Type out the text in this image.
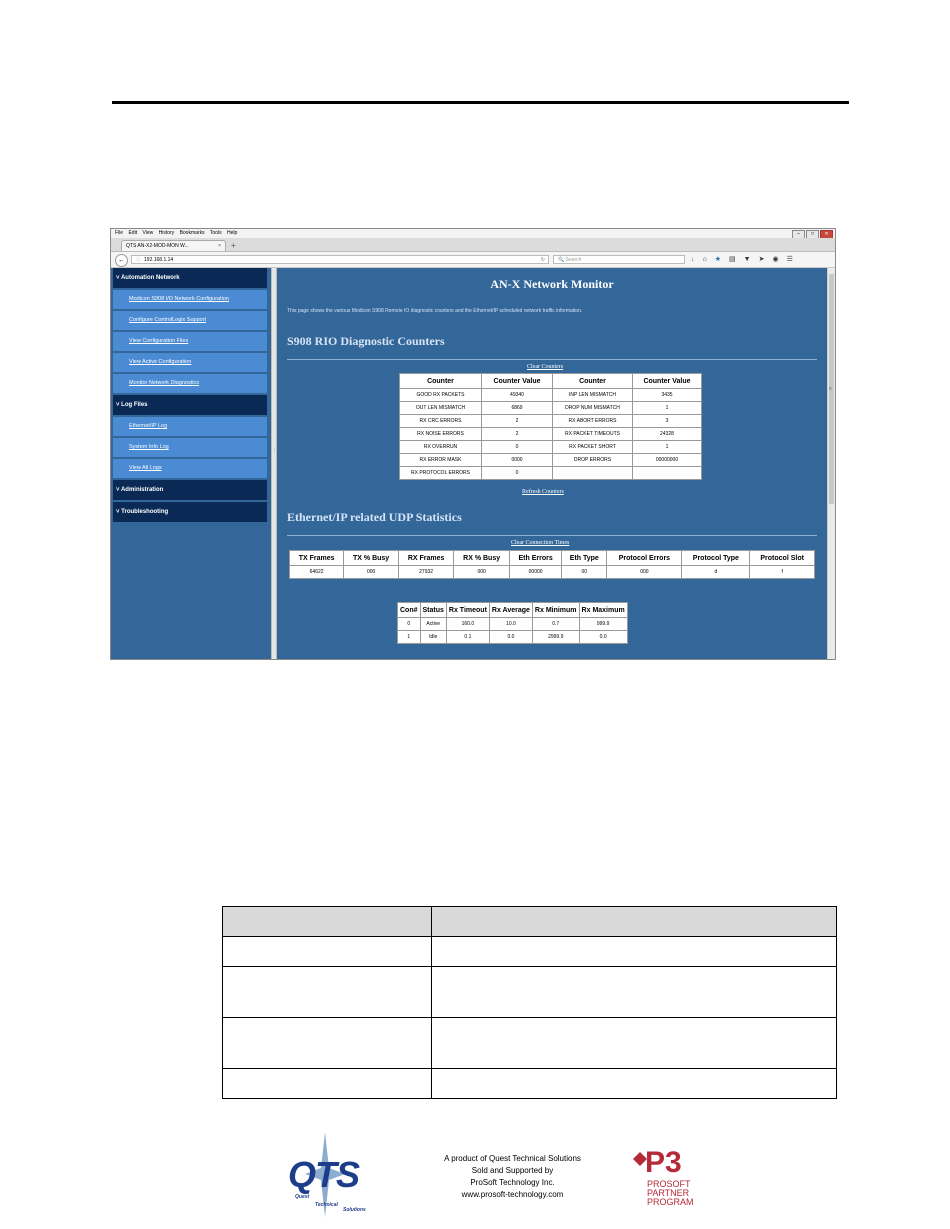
File Edit View History Bookmarks Tools Help	–	□	✕
QTS AN-X2-MOD-MON W...	× +
←	ⓘ 192.168.1.14	↻	🔍 Search	↓ ⌂ ★ ▤ ▼ ➤ ◉ ☰
˅ Automation Network
Modicon S908 I/O Network Configuration
Configure ControlLogix Support
View Configuration Files
View Active Configuration
Monitor Network Diagnostics
˅ Log Files
Ethernet/IP Log
System Info Log
View All Logs
˅ Administration
˅ Troubleshooting
⋮
AN-X Network Monitor
This page shows the various Modicon S908 Remote IO diagnostic counters and the Ethernet/IP scheduled network traffic information.
S908 RIO Diagnostic Counters
Clear Counters
Counter	Counter Value	Counter	Counter Value
GOOD RX PACKETS	49340	INP LEN MISMATCH	3435
OUT LEN MISMATCH	6869	DROP NUM MISMATCH	1
RX CRC ERRORS	2	RX ABORT ERRORS	3
RX NOISE ERRORS	2	RX PACKET TIMEOUTS	24328
RX OVERRUN	0	RX PACKET SHORT	1
RX ERROR MASK	0000	DROP ERRORS	00000000
RX PROTOCOL ERRORS	0		
Refresh Counters
Ethernet/IP related UDP Statistics
Clear Connection Times
TX Frames	TX % Busy	RX Frames	RX % Busy	Eth Errors	Eth Type	Protocol Errors	Protocol Type	Protocol Slot
64622	000	27932	000	00000	00	000	d	f
Con#	Status	Rx Timeout	Rx Average	Rx Minimum	Rx Maximum
0	Active	160.0	10.0	0.7	999.9
1	Idle	0.1	0.0	2999.9	0.0
≡

QTS
Quest
Technical
Solutions
A product of Quest Technical Solutions
Sold and Supported by
ProSoft Technology Inc.
www.prosoft-technology.com
P3
PROSOFT
PARTNER
PROGRAM
